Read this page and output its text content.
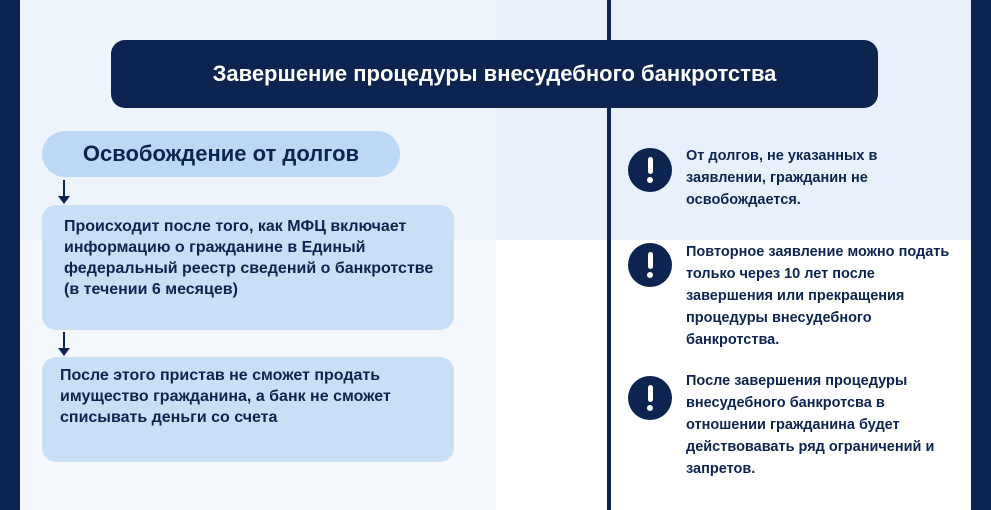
Завершение процедуры внесудебного банкротства
Освобождение от долгов
Происходит после того, как МФЦ включает информацию о гражданине в Единый федеральный реестр сведений о банкротстве (в течении 6 месяцев)
После этого пристав не сможет продать имущество гражданина, а банк не сможет списывать деньги со счета
От долгов, не указанных в заявлении, гражданин не освобождается.
Повторное заявление можно подать только через 10 лет после завершения или прекращения процедуры внесудебного банкротства.
После завершения процедуры внесудебного банкротсва в отношении гражданина будет действовавать ряд ограничений и запретов.
